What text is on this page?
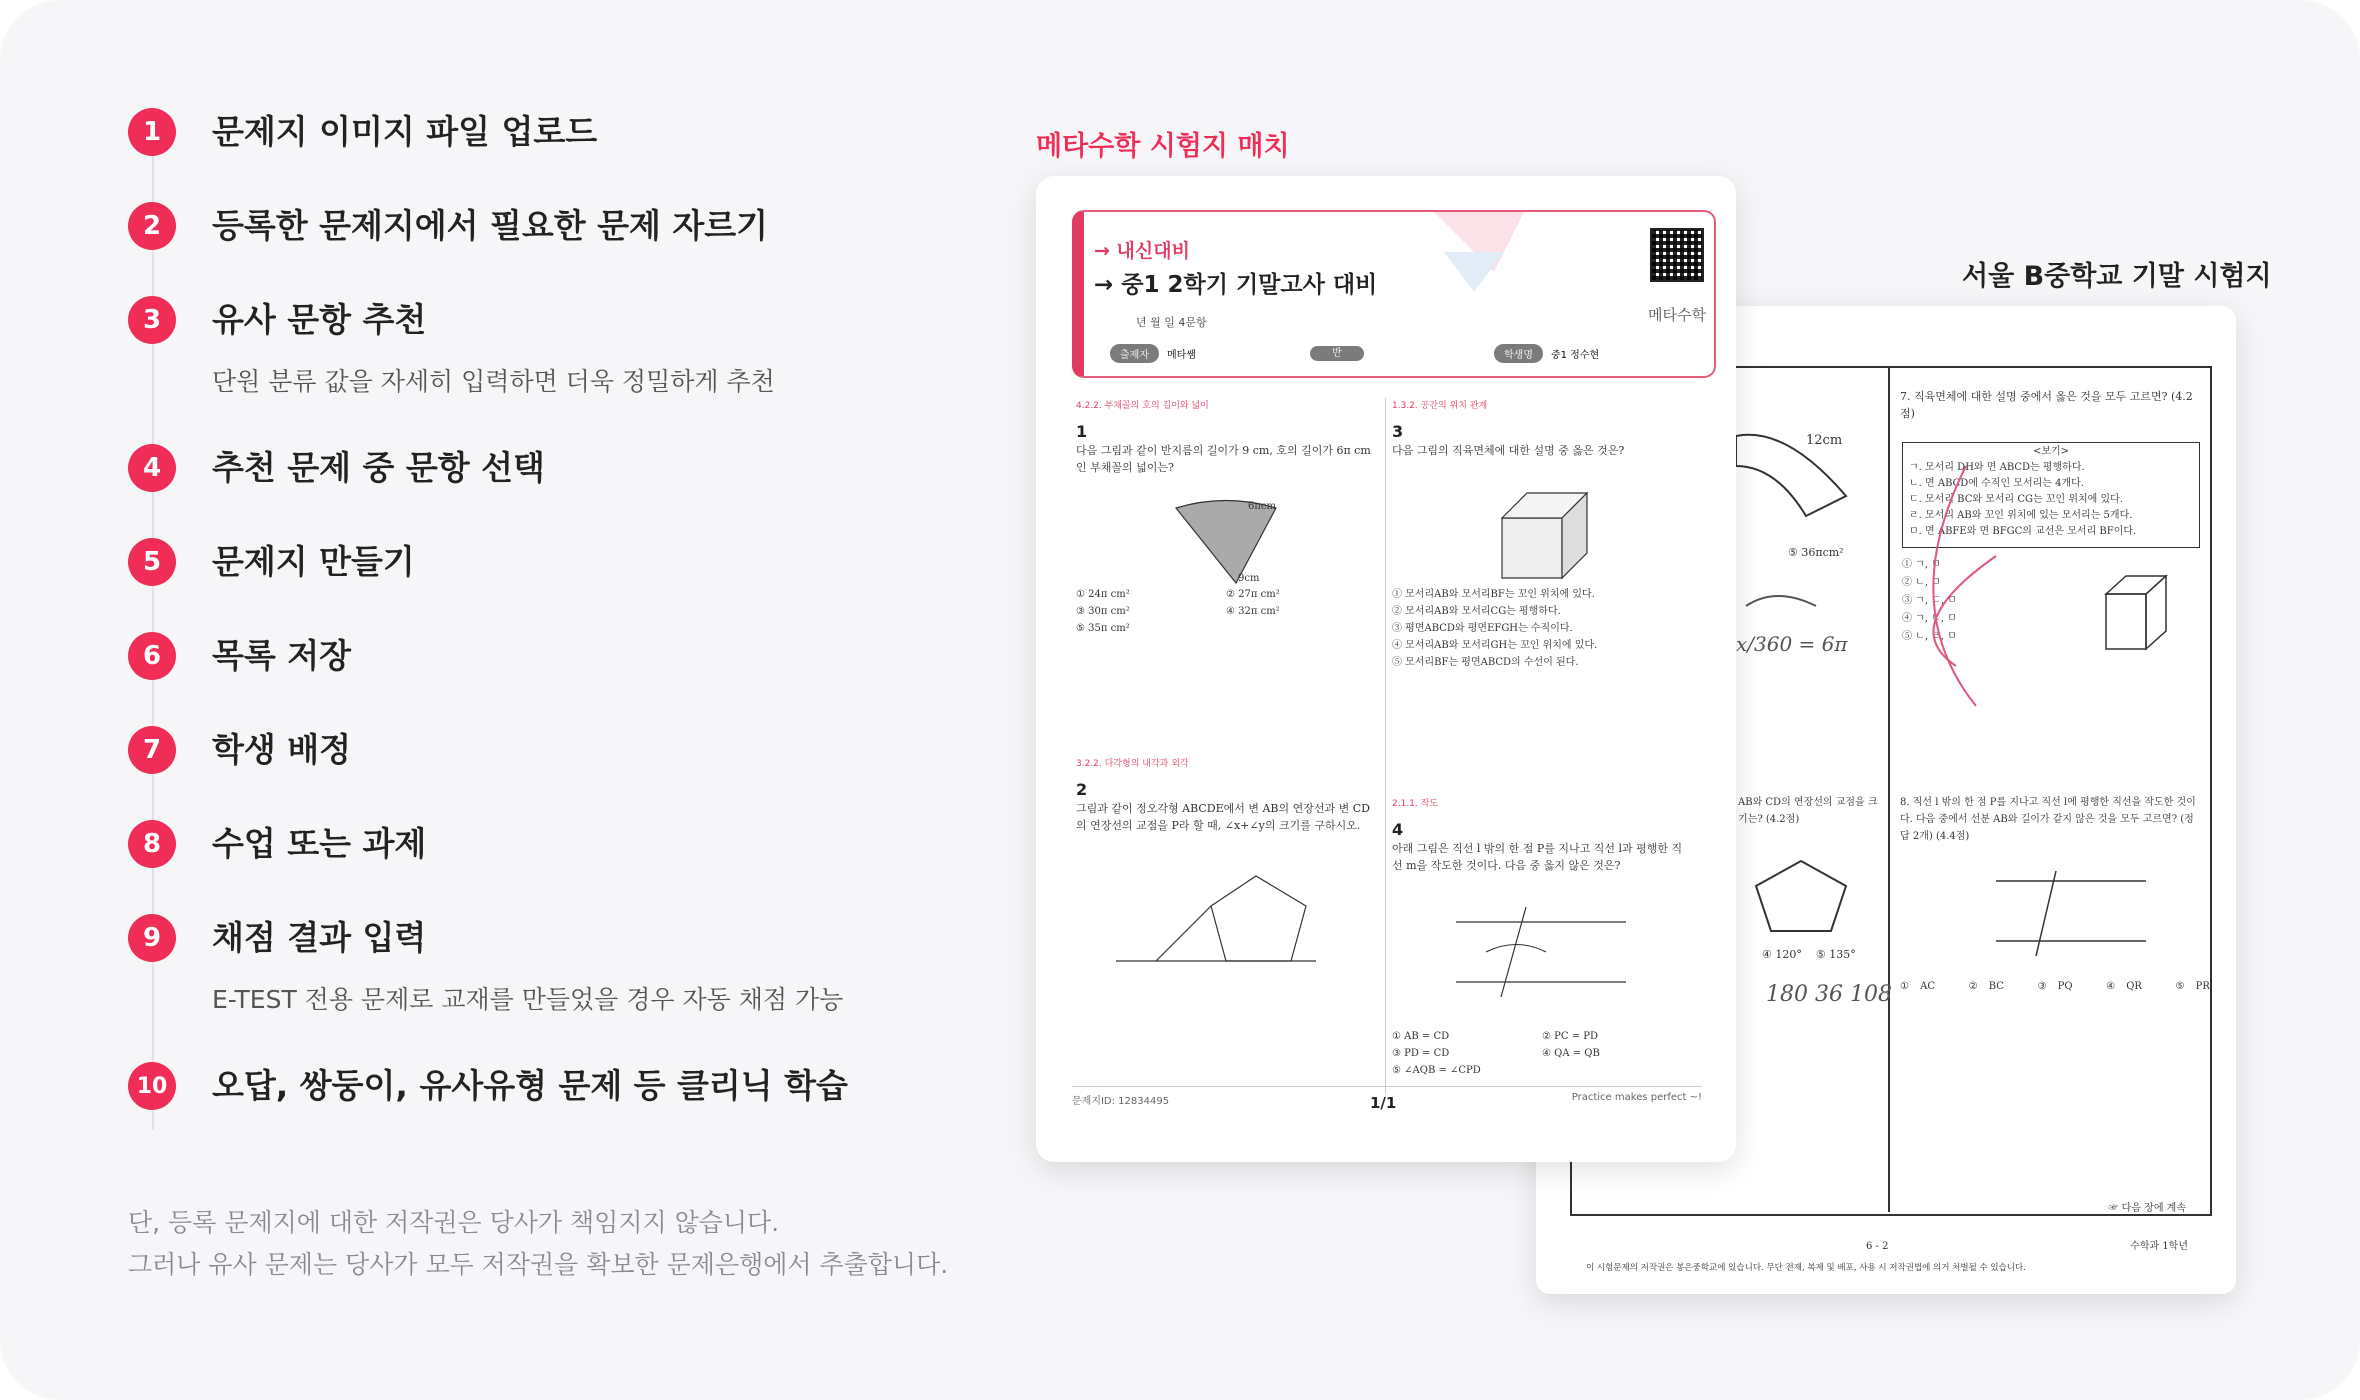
1	문제지 이미지 파일 업로드
2	등록한 문제지에서 필요한 문제 자르기
3	유사 문항 추천
단원 분류 값을 자세히 입력하면 더욱 정밀하게 추천
4	추천 문제 중 문항 선택
5	문제지 만들기
6	목록 저장
7	학생 배정
8	수업 또는 과제
9	채점 결과 입력
E-TEST 전용 문제로 교재를 만들었을 경우 자동 채점 가능
10 오답, 쌍둥이, 유사유형 문제 등 클리닉 학습
단, 등록 문제지에 대한 저작권은 당사가 책임지지 않습니다.
그러나 유사 문제는 당사가 모두 저작권을 확보한 문제은행에서 추출합니다.
메타수학 시험지 매치
서울 B중학교 기말 시험지
12cm
⑤ 36πcm²
x/360 = 6π
AB와 CD의 연장선의 교점을 크기는? (4.2점)
④ 120° ⑤ 135°
180 36 108
7. 직육면체에 대한 설명 중에서 옳은 것을 모두 고르면? (4.2점)
<보기>
ㄱ. 모서리 DH와 면 ABCD는 평행하다.
ㄴ. 면 ABCD에 수직인 모서리는 4개다.
ㄷ. 모서리 BC와 모서리 CG는 꼬인 위치에 있다.
ㄹ. 모서리 AB와 꼬인 위치에 있는 모서리는 5개다.
ㅁ. 면 ABFE와 면 BFGC의 교선은 모서리 BF이다.
① ㄱ, ㅁ
② ㄴ, ㅁ
③ ㄱ, ㄷ, ㅁ
④ ㄱ, ㄷ, ㅁ
⑤ ㄴ, ㄹ, ㅁ
8. 직선 l 밖의 한 점 P를 지나고 직선 l에 평행한 직선을 작도한 것이다. 다음 중에서 선분 AB와 길이가 같지 않은 것을 모두 고르면? (정답 2개) (4.4점)
① AC	② BC	③ PQ	④ QR	⑤ PR
☞ 다음 장에 계속
6 - 2	수학과 1학년
이 시험문제의 저작권은 봉은중학교에 있습니다. 무단 전재, 복제 및 배포, 사용 시 저작권법에 의거 처벌될 수 있습니다.
→ 내신대비
→ 중1 2학기 기말고사 대비
년 월 일 4문항	메타수학
출제자	메타쌤	반	학생명	중1 정수현
4.2.2. 부채꼴의 호의 길이와 넓이
1
다음 그림과 같이 반지름의 길이가 9 cm, 호의 길이가 6π cm인 부채꼴의 넓이는?
6πcm
9cm
① 24π cm²	② 27π cm²
③ 30π cm²	④ 32π cm²
⑤ 35π cm²
1.3.2. 공간의 위치 관계
3
다음 그림의 직육면체에 대한 설명 중 옳은 것은?
① 모서리AB와 모서리BF는 꼬인 위치에 있다.
② 모서리AB와 모서리CG는 평행하다.
③ 평면ABCD와 평면EFGH는 수직이다.
④ 모서리AB와 모서리GH는 꼬인 위치에 있다.
⑤ 모서리BF는 평면ABCD의 수선이 된다.
3.2.2. 다각형의 내각과 외각
2
그림과 같이 정오각형 ABCDE에서 변 AB의 연장선과 변 CD의 연장선의 교점을 P라 할 때, ∠x+∠y의 크기를 구하시오.
2.1.1. 작도
4
아래 그림은 직선 l 밖의 한 점 P를 지나고 직선 l과 평행한 직선 m을 작도한 것이다. 다음 중 옳지 않은 것은?
① AB = CD	② PC = PD
③ PD = CD	④ QA = QB
⑤ ∠AQB = ∠CPD
문제지ID: 12834495	1/1	Practice makes perfect ~!
